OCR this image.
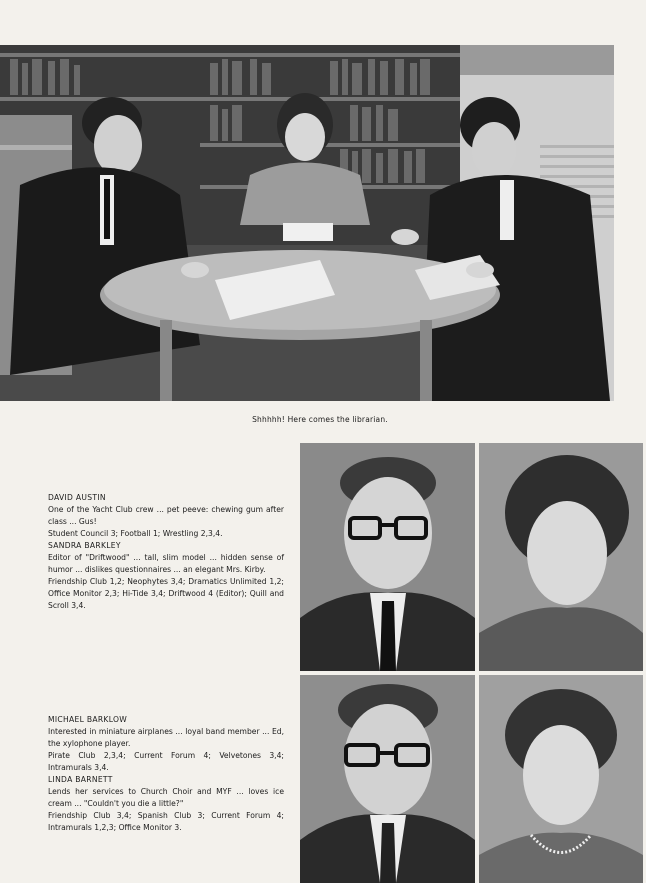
Shhhhh! Here comes the librarian.
DAVID AUSTIN
One of the Yacht Club crew ... pet peeve: chewing gum after class ... Gus!
Student Council 3; Football 1; Wrestling 2,3,4.
SANDRA BARKLEY
Editor of "Driftwood" ... tall, slim model ... hidden sense of humor ... dislikes questionnaires ... an elegant Mrs. Kirby.
Friendship Club 1,2; Neophytes 3,4; Dramatics Unlimited 1,2; Office Monitor 2,3; Hi-Tide 3,4; Driftwood 4 (Editor); Quill and Scroll 3,4.
MICHAEL BARKLOW
Interested in miniature airplanes ... loyal band member ... Ed, the xylophone player.
Pirate Club 2,3,4; Current Forum 4; Velvetones 3,4; Intramurals 3,4.
LINDA BARNETT
Lends her services to Church Choir and MYF ... loves ice cream ... "Couldn't you die a little?"
Friendship Club 3,4; Spanish Club 3; Current Forum 4; Intramurals 1,2,3; Office Monitor 3.
